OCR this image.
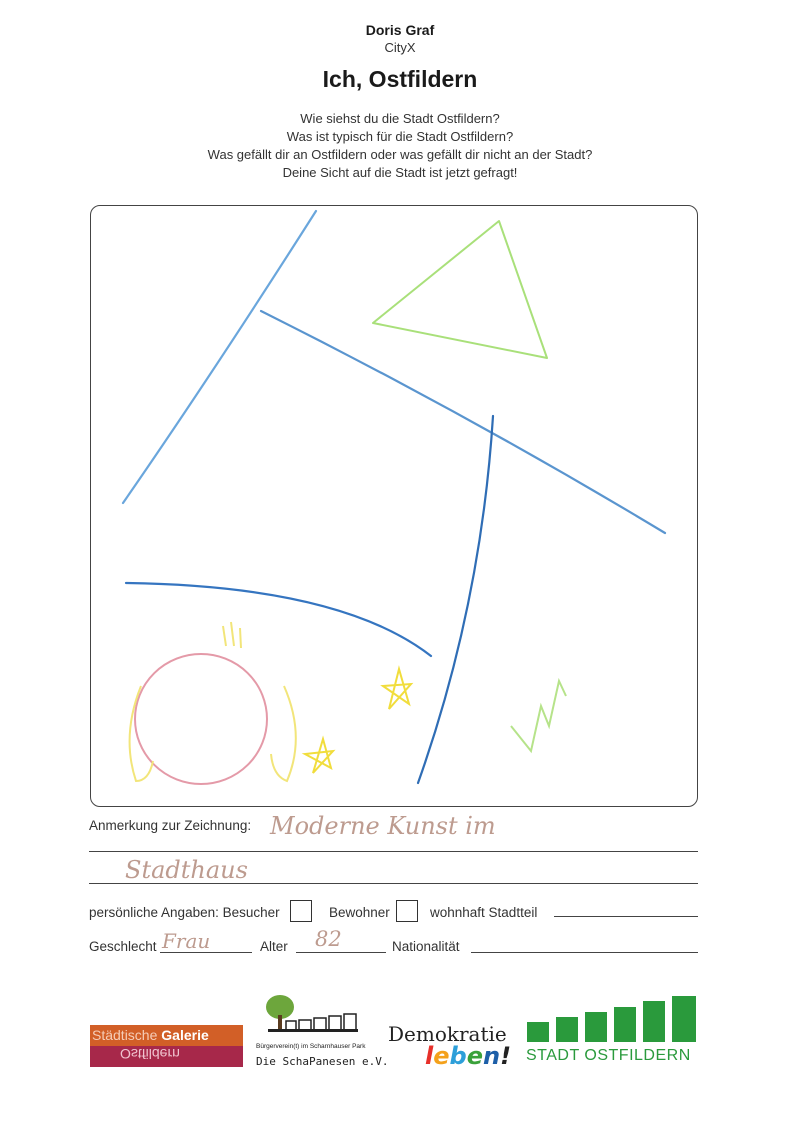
Doris Graf
CityX
Ich, Ostfildern
Wie siehst du die Stadt Ostfildern?
Was ist typisch für die Stadt Ostfildern?
Was gefällt dir an Ostfildern oder was gefällt dir nicht an der Stadt?
Deine Sicht auf die Stadt ist jetzt gefragt!
Anmerkung zur Zeichnung: Moderne Kunst im
Stadthaus
persönliche Angaben: Besucher	Bewohner	wohnhaft Stadtteil
Geschlecht Frau	Alter 82	Nationalität
Städtische Galerie
Ostfildern	Bürgerverein(t) im Scharnhauser Park
Die SchaPanesen e.V.
Demokratie
leben! STADT OSTFILDERN
